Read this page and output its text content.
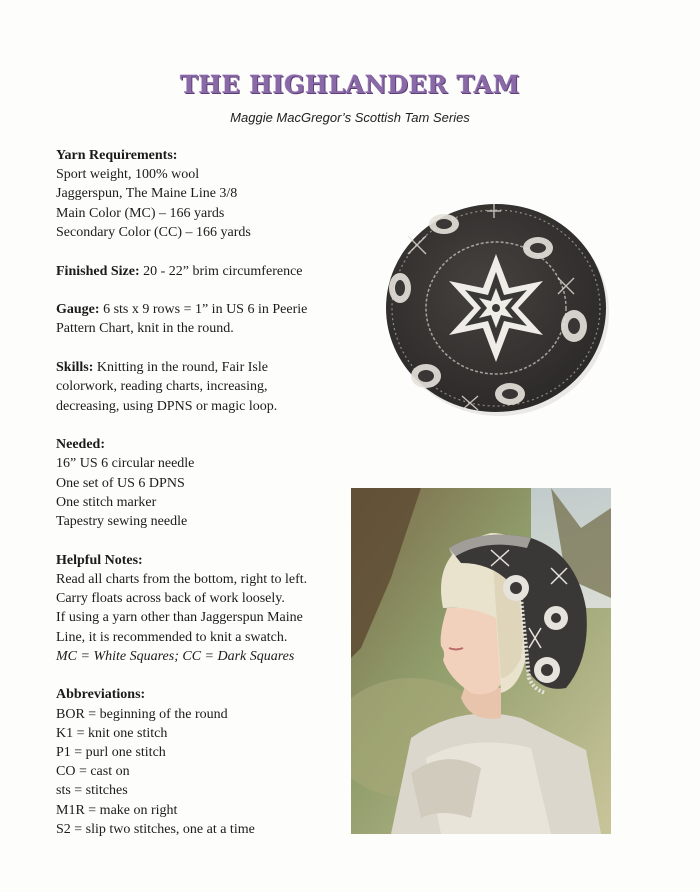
THE HIGHLANDER TAM
Maggie MacGregor’s Scottish Tam Series
Yarn Requirements:
Sport weight, 100% wool
Jaggerspun, The Maine Line 3/8
Main Color (MC) – 166 yards
Secondary Color (CC) – 166 yards
Finished Size: 20 - 22” brim circumference
Gauge: 6 sts x 9 rows = 1” in US 6 in Peerie
Pattern Chart, knit in the round.
Skills: Knitting in the round, Fair Isle
colorwork, reading charts, increasing,
decreasing, using DPNS or magic loop.
Needed:
16” US 6 circular needle
One set of US 6 DPNS
One stitch marker
Tapestry sewing needle
Helpful Notes:
Read all charts from the bottom, right to left.
Carry floats across back of work loosely.
If using a yarn other than Jaggerspun Maine
Line, it is recommended to knit a swatch.
MC = White Squares; CC = Dark Squares
Abbreviations:
BOR = beginning of the round
K1 = knit one stitch
P1 = purl one stitch
CO = cast on
sts = stitches
M1R = make on right
S2 = slip two stitches, one at a time
